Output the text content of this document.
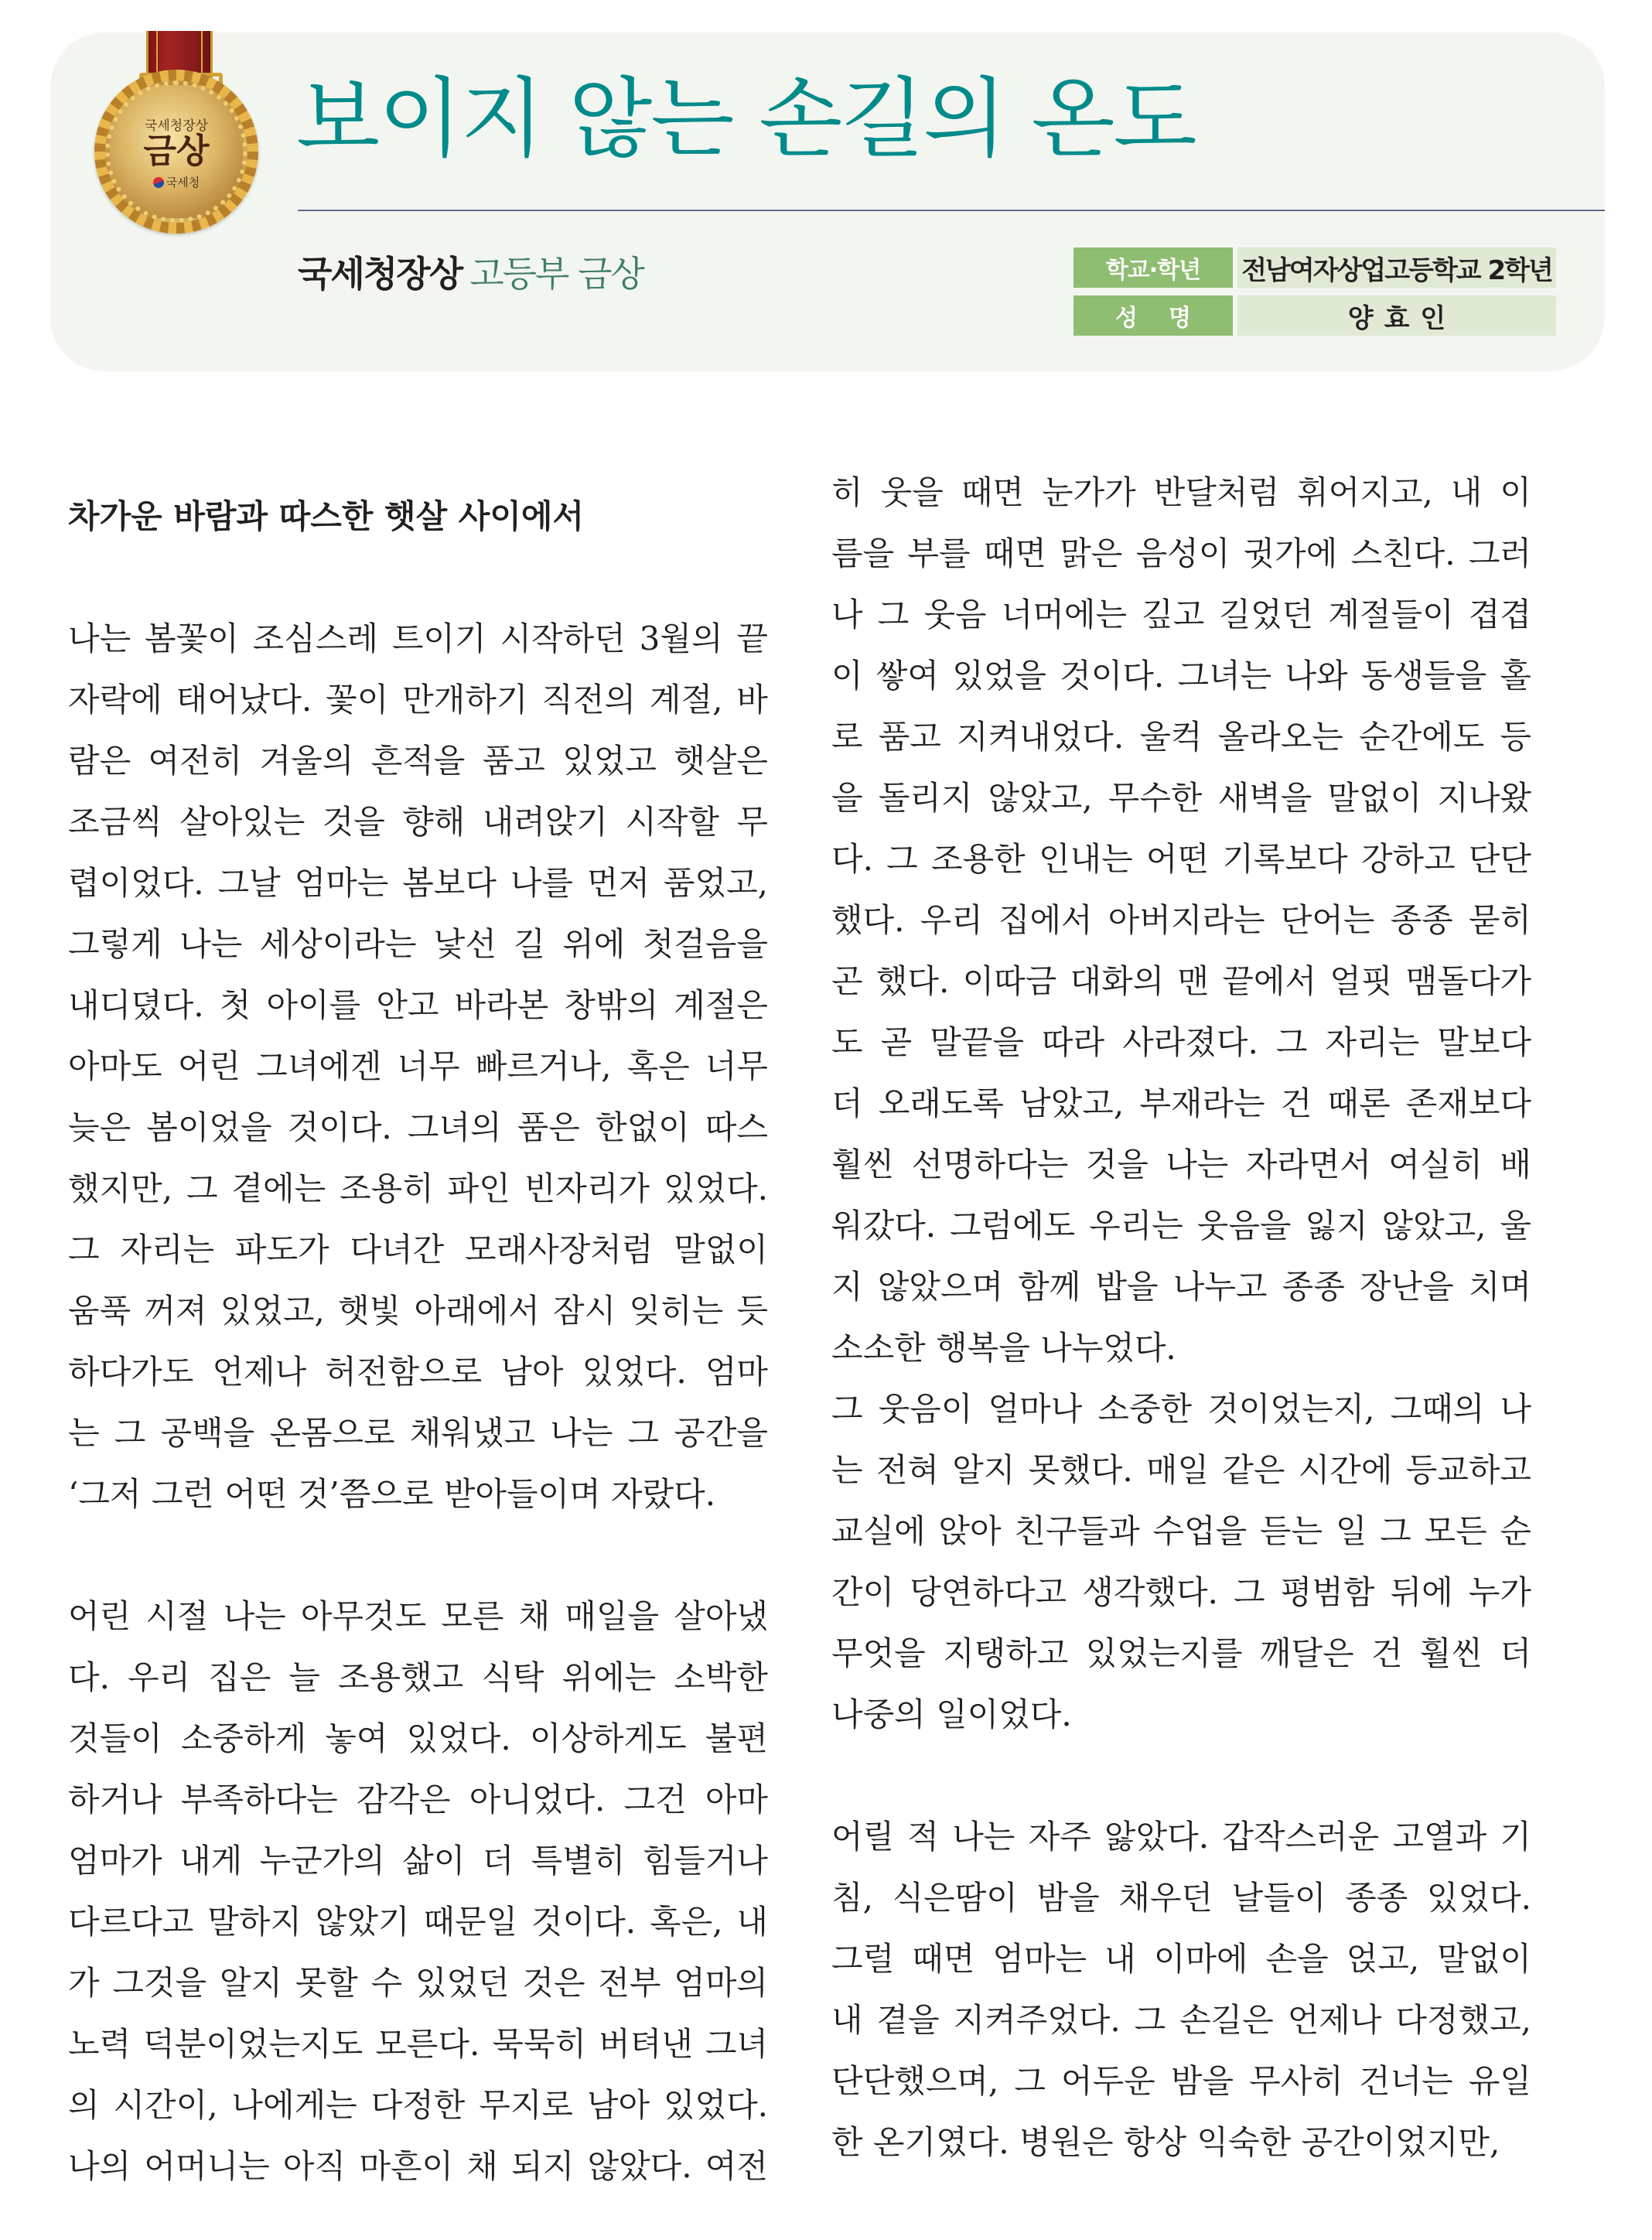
국세청장상
금상
국세청
보이지 않는 손길의 온도
국세청장상 고등부 금상	학교·학년	전남여자상업고등학교 2학년
성명	양효인
차가운 바람과 따스한 햇살 사이에서
나는 봄꽃이 조심스레 트이기 시작하던 3월의 끝
자락에 태어났다. 꽃이 만개하기 직전의 계절, 바
람은 여전히 겨울의 흔적을 품고 있었고 햇살은
조금씩 살아있는 것을 향해 내려앉기 시작할 무
렵이었다. 그날 엄마는 봄보다 나를 먼저 품었고,
그렇게 나는 세상이라는 낯선 길 위에 첫걸음을
내디뎠다. 첫 아이를 안고 바라본 창밖의 계절은
아마도 어린 그녀에겐 너무 빠르거나, 혹은 너무
늦은 봄이었을 것이다. 그녀의 품은 한없이 따스
했지만, 그 곁에는 조용히 파인 빈자리가 있었다.
그 자리는 파도가 다녀간 모래사장처럼 말없이
움푹 꺼져 있었고, 햇빛 아래에서 잠시 잊히는 듯
하다가도 언제나 허전함으로 남아 있었다. 엄마
는 그 공백을 온몸으로 채워냈고 나는 그 공간을
‘그저 그런 어떤 것’쯤으로 받아들이며 자랐다.
어린 시절 나는 아무것도 모른 채 매일을 살아냈
다. 우리 집은 늘 조용했고 식탁 위에는 소박한
것들이 소중하게 놓여 있었다. 이상하게도 불편
하거나 부족하다는 감각은 아니었다. 그건 아마
엄마가 내게 누군가의 삶이 더 특별히 힘들거나
다르다고 말하지 않았기 때문일 것이다. 혹은, 내
가 그것을 알지 못할 수 있었던 것은 전부 엄마의
노력 덕분이었는지도 모른다. 묵묵히 버텨낸 그녀
의 시간이, 나에게는 다정한 무지로 남아 있었다.
나의 어머니는 아직 마흔이 채 되지 않았다. 여전
히 웃을 때면 눈가가 반달처럼 휘어지고, 내 이
름을 부를 때면 맑은 음성이 귓가에 스친다. 그러
나 그 웃음 너머에는 깊고 길었던 계절들이 겹겹
이 쌓여 있었을 것이다. 그녀는 나와 동생들을 홀
로 품고 지켜내었다. 울컥 올라오는 순간에도 등
을 돌리지 않았고, 무수한 새벽을 말없이 지나왔
다. 그 조용한 인내는 어떤 기록보다 강하고 단단
했다. 우리 집에서 아버지라는 단어는 종종 묻히
곤 했다. 이따금 대화의 맨 끝에서 얼핏 맴돌다가
도 곧 말끝을 따라 사라졌다. 그 자리는 말보다
더 오래도록 남았고, 부재라는 건 때론 존재보다
훨씬 선명하다는 것을 나는 자라면서 여실히 배
워갔다. 그럼에도 우리는 웃음을 잃지 않았고, 울
지 않았으며 함께 밥을 나누고 종종 장난을 치며
소소한 행복을 나누었다.
그 웃음이 얼마나 소중한 것이었는지, 그때의 나
는 전혀 알지 못했다. 매일 같은 시간에 등교하고
교실에 앉아 친구들과 수업을 듣는 일 그 모든 순
간이 당연하다고 생각했다. 그 평범함 뒤에 누가
무엇을 지탱하고 있었는지를 깨달은 건 훨씬 더
나중의 일이었다.
어릴 적 나는 자주 앓았다. 갑작스러운 고열과 기
침, 식은땀이 밤을 채우던 날들이 종종 있었다.
그럴 때면 엄마는 내 이마에 손을 얹고, 말없이
내 곁을 지켜주었다. 그 손길은 언제나 다정했고,
단단했으며, 그 어두운 밤을 무사히 건너는 유일
한 온기였다. 병원은 항상 익숙한 공간이었지만,
